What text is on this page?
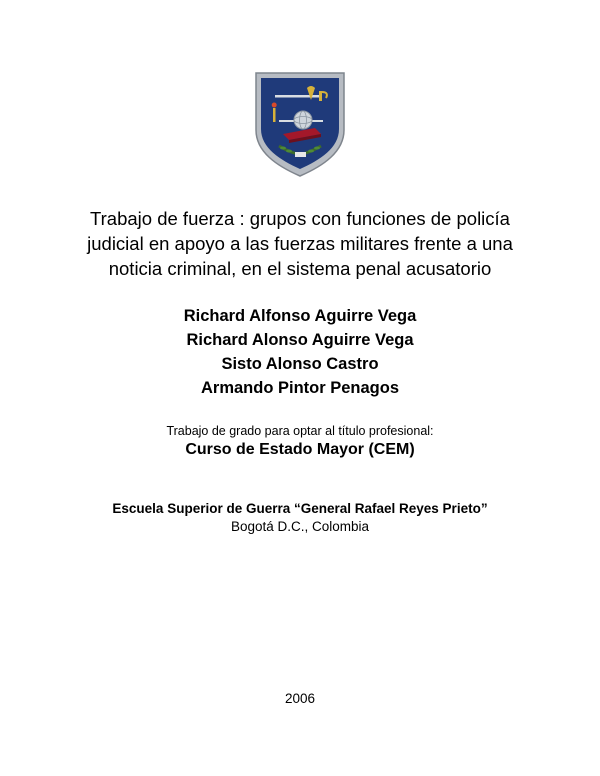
Trabajo de fuerza : grupos con funciones de policía
judicial en apoyo a las fuerzas militares frente a una
noticia criminal, en el sistema penal acusatorio
Richard Alfonso Aguirre Vega
Richard Alonso Aguirre Vega
Sisto Alonso Castro
Armando Pintor Penagos
Trabajo de grado para optar al título profesional:
Curso de Estado Mayor (CEM)
Escuela Superior de Guerra “General Rafael Reyes Prieto”
Bogotá D.C., Colombia
2006
